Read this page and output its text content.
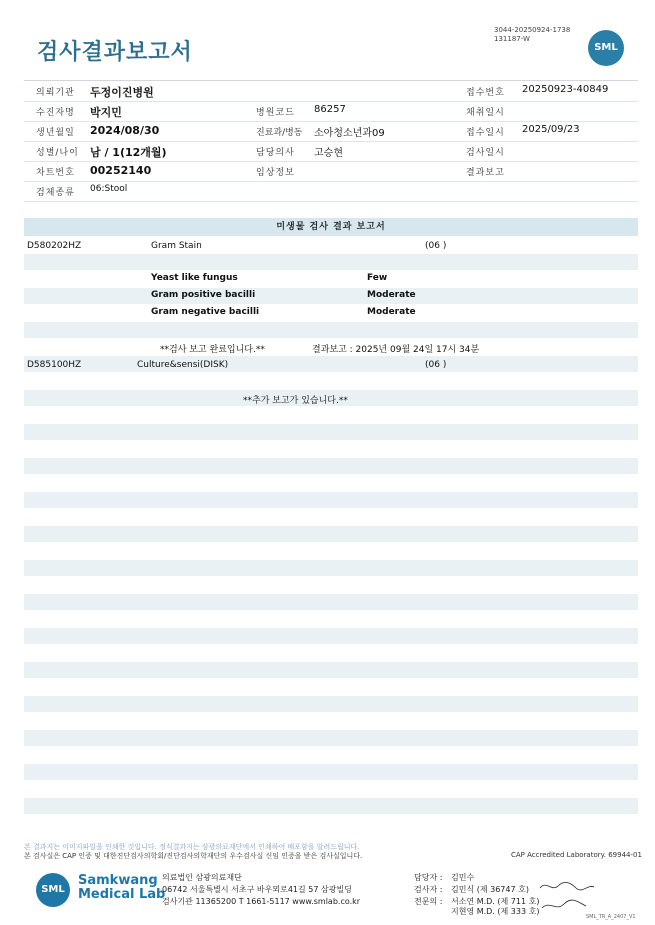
검사결과보고서
3044-20250924-1738
131187-W
SML
의뢰기관 두정이진병원	접수번호 20250923-40849
수진자명 박지민	병원코드 86257	채취일시
생년월일 2024/08/30	진료과/병동 소아청소년과09	접수일시 2025/09/23
성별/나이 남 / 1(12개월)	담당의사 고승현	검사일시
차트번호 00252140	임상정보	결과보고
검체종류 06:Stool
미생물 검사 결과 보고서
D580202HZ	Gram Stain	(06 )
Yeast like fungus	Few
Gram positive bacilli	Moderate
Gram negative bacilli	Moderate
**검사 보고 완료입니다.**	결과보고 : 2025년 09월 24일 17시 34분
D585100HZ	Culture&sensi(DISK)	(06 )
**추가 보고가 있습니다.**
본 결과지는 이미지파일을 인쇄한 것입니다. 정식결과지는 삼광의료재단에서 인쇄하여 배포함을 알려드립니다.
본 검사실은 CAP 인증 및 대한진단검사의학회/진단검사의학재단의 우수검사실 신임 인증을 받은 검사실입니다.	CAP Accredited Laboratory. 69944-01
SML
Samkwang
Medical Lab
의료법인 삼광의료재단
06742 서울특별시 서초구 바우뫼로41길 57 삼광빌딩
검사기관 11365200 T 1661-5117 www.smlab.co.kr
담당자 : 김민수
검사자 : 김민식 (제 36747 호)
전문의 : 서소연 M.D. (제 711 호)
지현영 M.D. (제 333 호)
SML_TR_A_2407_V1
